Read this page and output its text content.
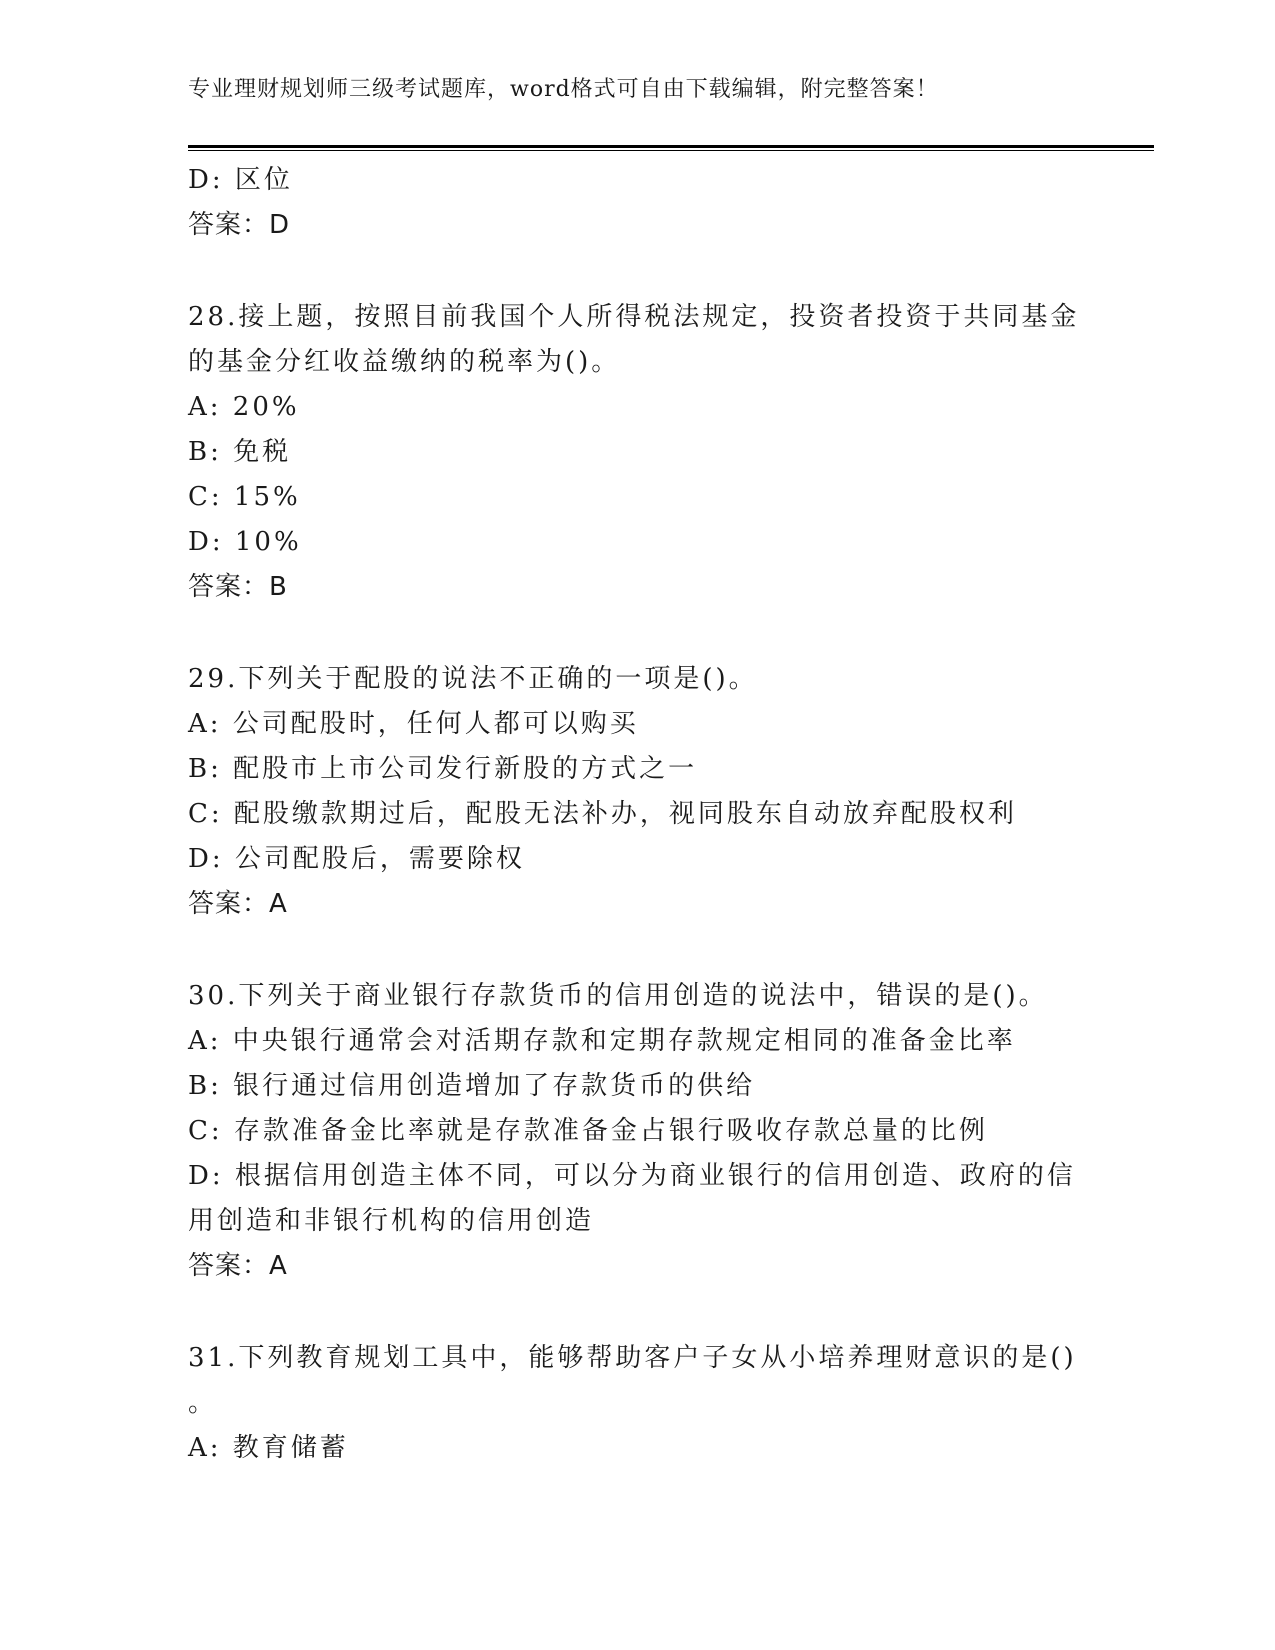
专业理财规划师三级考试题库，word格式可自由下载编辑，附完整答案！
D: 区位
答案：D
28.接上题，按照目前我国个人所得税法规定，投资者投资于共同基金
的基金分红收益缴纳的税率为()。
A: 20%
B: 免税
C: 15%
D: 10%
答案：B
29.下列关于配股的说法不正确的一项是()。
A: 公司配股时，任何人都可以购买
B: 配股市上市公司发行新股的方式之一
C: 配股缴款期过后，配股无法补办，视同股东自动放弃配股权利
D: 公司配股后，需要除权
答案：A
30.下列关于商业银行存款货币的信用创造的说法中，错误的是()。
A: 中央银行通常会对活期存款和定期存款规定相同的准备金比率
B: 银行通过信用创造增加了存款货币的供给
C: 存款准备金比率就是存款准备金占银行吸收存款总量的比例
D: 根据信用创造主体不同，可以分为商业银行的信用创造、政府的信
用创造和非银行机构的信用创造
答案：A
31.下列教育规划工具中，能够帮助客户子女从小培养理财意识的是()
。
A: 教育储蓄
